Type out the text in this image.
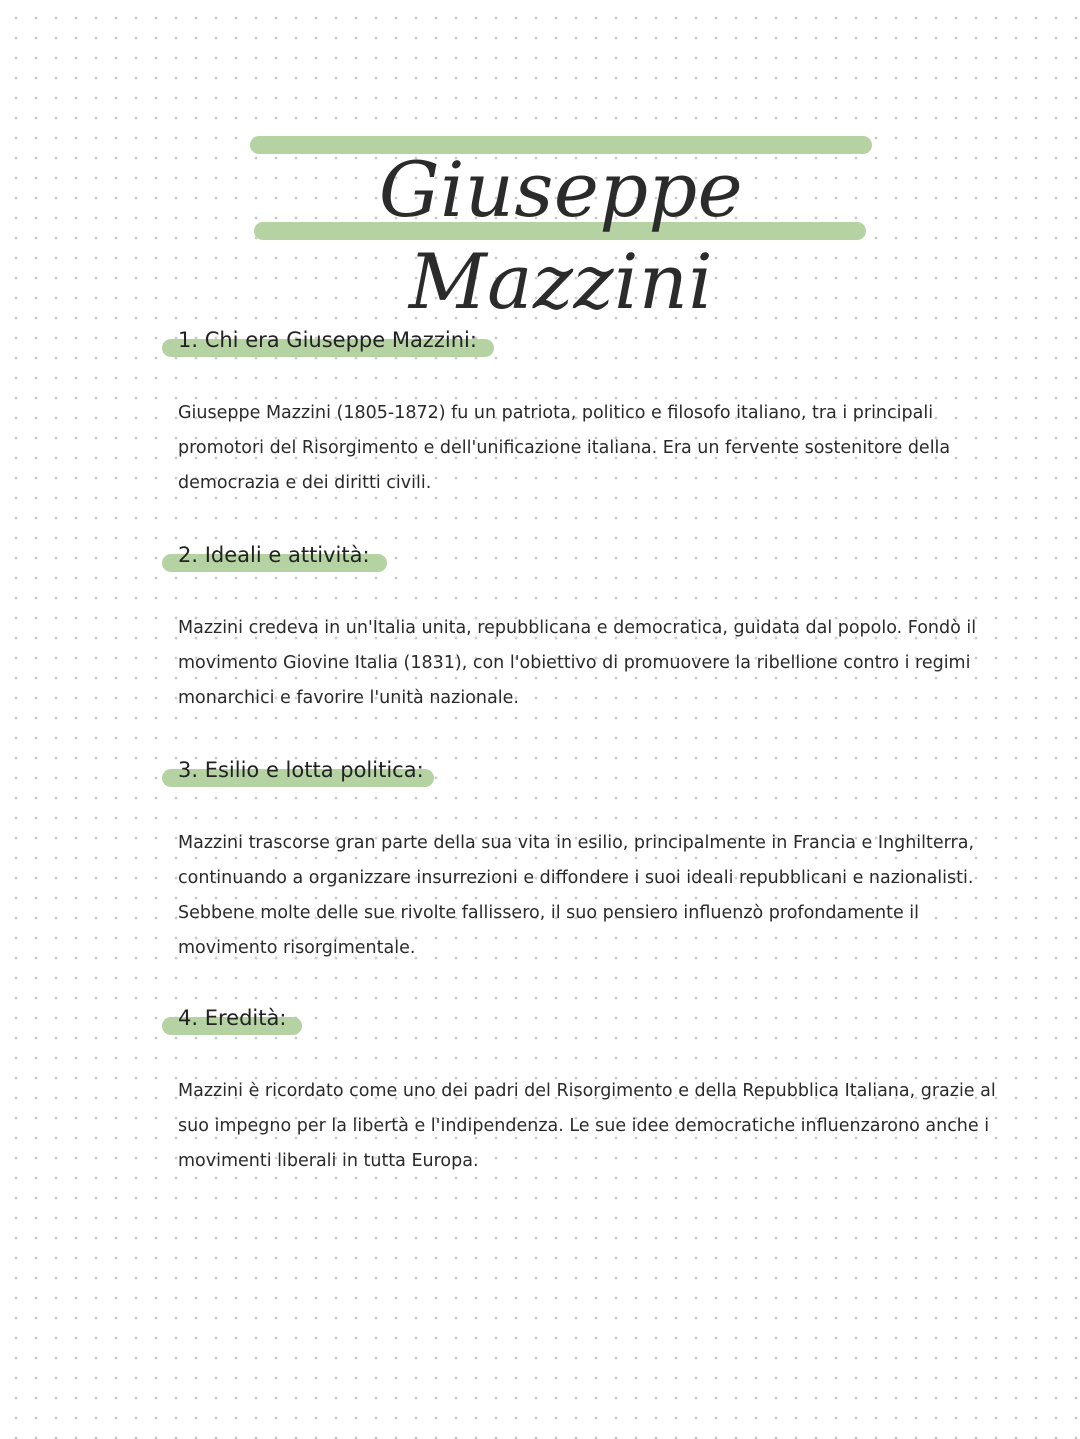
Giuseppe Mazzini
1. Chi era Giuseppe Mazzini:

Giuseppe Mazzini (1805-1872) fu un patriota, politico e filosofo italiano, tra i principali promotori del Risorgimento e dell'unificazione italiana. Era un fervente sostenitore della democrazia e dei diritti civili.

2. Ideali e attività:

Mazzini credeva in un'Italia unita, repubblicana e democratica, guidata dal popolo. Fondò il movimento Giovine Italia (1831), con l'obiettivo di promuovere la ribellione contro i regimi monarchici e favorire l'unità nazionale.

3. Esilio e lotta politica:

Mazzini trascorse gran parte della sua vita in esilio, principalmente in Francia e Inghilterra, continuando a organizzare insurrezioni e diffondere i suoi ideali repubblicani e nazionalisti. Sebbene molte delle sue rivolte fallissero, il suo pensiero influenzò profondamente il movimento risorgimentale.

4. Eredità:

Mazzini è ricordato come uno dei padri del Risorgimento e della Repubblica Italiana, grazie al suo impegno per la libertà e l'indipendenza. Le sue idee democratiche influenzarono anche i movimenti liberali in tutta Europa.
